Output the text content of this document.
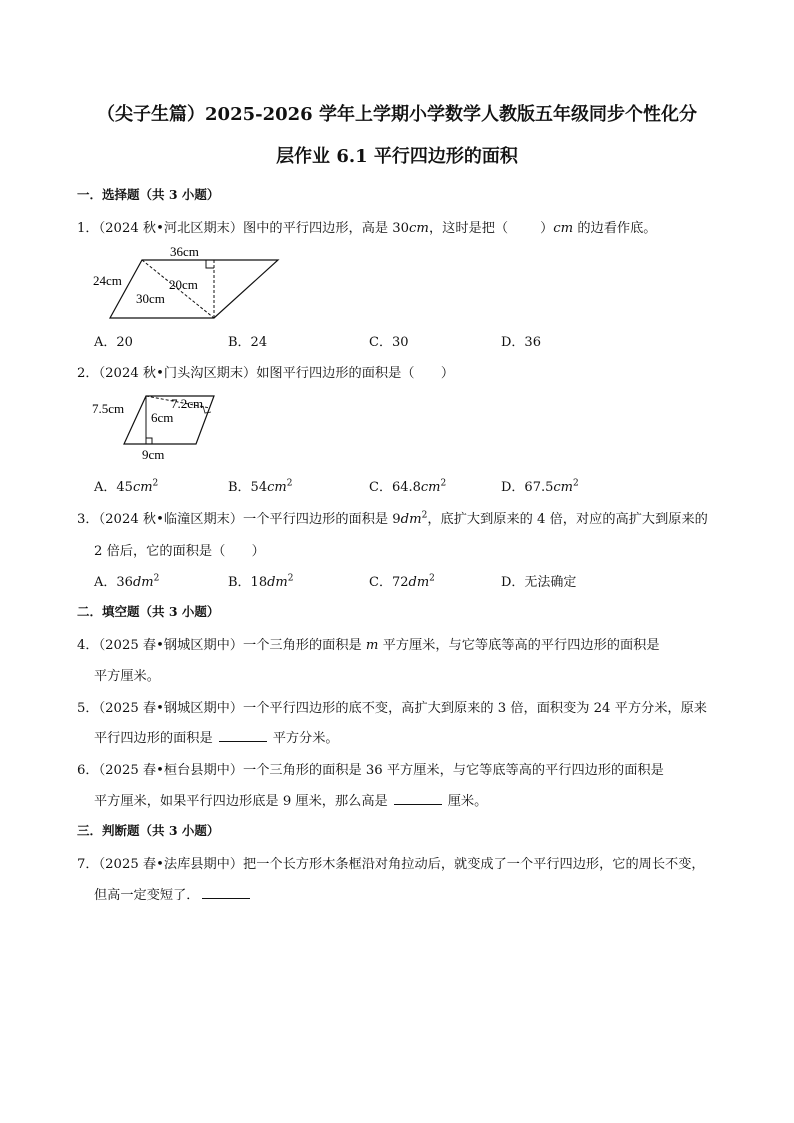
（尖子生篇）2025-2026 学年上学期小学数学人教版五年级同步个性化分
层作业 6.1 平行四边形的面积
一．选择题（共 3 小题）
1．（2024 秋•河北区期末）图中的平行四边形，高是 30cm，这时是把（ ）cm 的边看作底。
36cm
24cm	20cm
30cm
A．20	B．24	C．30	D．36
2．（2024 秋•门头沟区期末）如图平行四边形的面积是（　　）
7.5cm	7.2cm
6cm
9cm
A．$45cm^2$	B．$54cm^2$	C．$64.8cm^2$	D．$67.5cm^2$
3．（2024 秋•临潼区期末）一个平行四边形的面积是 $9dm^2$，底扩大到原来的 4 倍，对应的高扩大到原来的
2 倍后，它的面积是（　　）
A．$36dm^2$	B．$18dm^2$	C．$72dm^2$	D．无法确定
二．填空题（共 3 小题）
4．（2025 春•钢城区期中）一个三角形的面积是 m 平方厘米，与它等底等高的平行四边形的面积是
平方厘米。
5．（2025 春•钢城区期中）一个平行四边形的底不变，高扩大到原来的 3 倍，面积变为 24 平方分米，原来
平行四边形的面积是	平方分米。
6．（2025 春•桓台县期中）一个三角形的面积是 36 平方厘米，与它等底等高的平行四边形的面积是
平方厘米，如果平行四边形底是 9 厘米，那么高是	厘米。
三．判断题（共 3 小题）
7．（2025 春•法库县期中）把一个长方形木条框沿对角拉动后，就变成了一个平行四边形，它的周长不变，
但高一定变短了．
